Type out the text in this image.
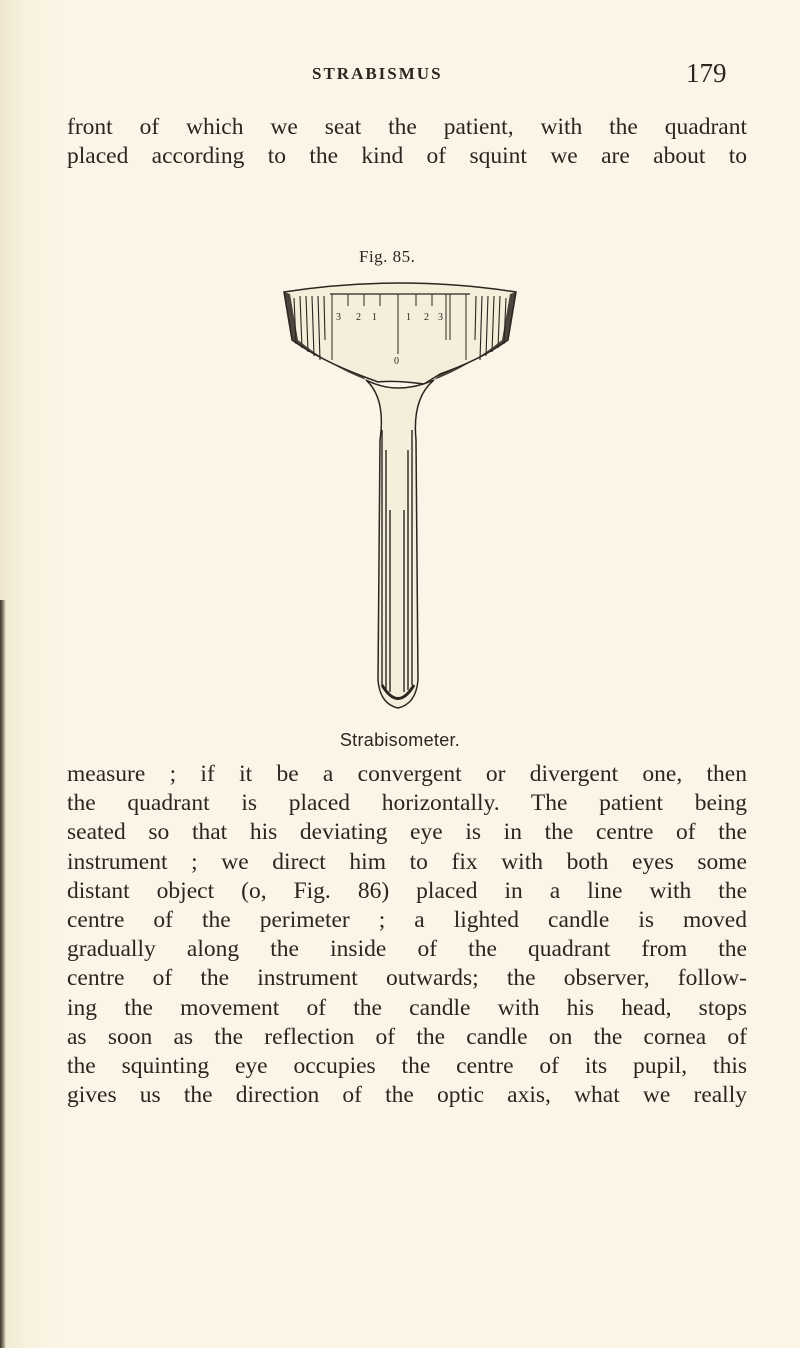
STRABISMUS	179
front of which we seat the patient, with the quadrant
placed according to the kind of squint we are about to
Fig. 85.
3 2 1	1 2 3
0
Strabisometer.
measure ; if it be a convergent or divergent one, then
the quadrant is placed horizontally. The patient being
seated so that his deviating eye is in the centre of the
instrument ; we direct him to fix with both eyes some
distant object (o, Fig. 86) placed in a line with the
centre of the perimeter ; a lighted candle is moved
gradually along the inside of the quadrant from the
centre of the instrument outwards; the observer, follow-
ing the movement of the candle with his head, stops
as soon as the reflection of the candle on the cornea of
the squinting eye occupies the centre of its pupil, this
gives us the direction of the optic axis, what we really
